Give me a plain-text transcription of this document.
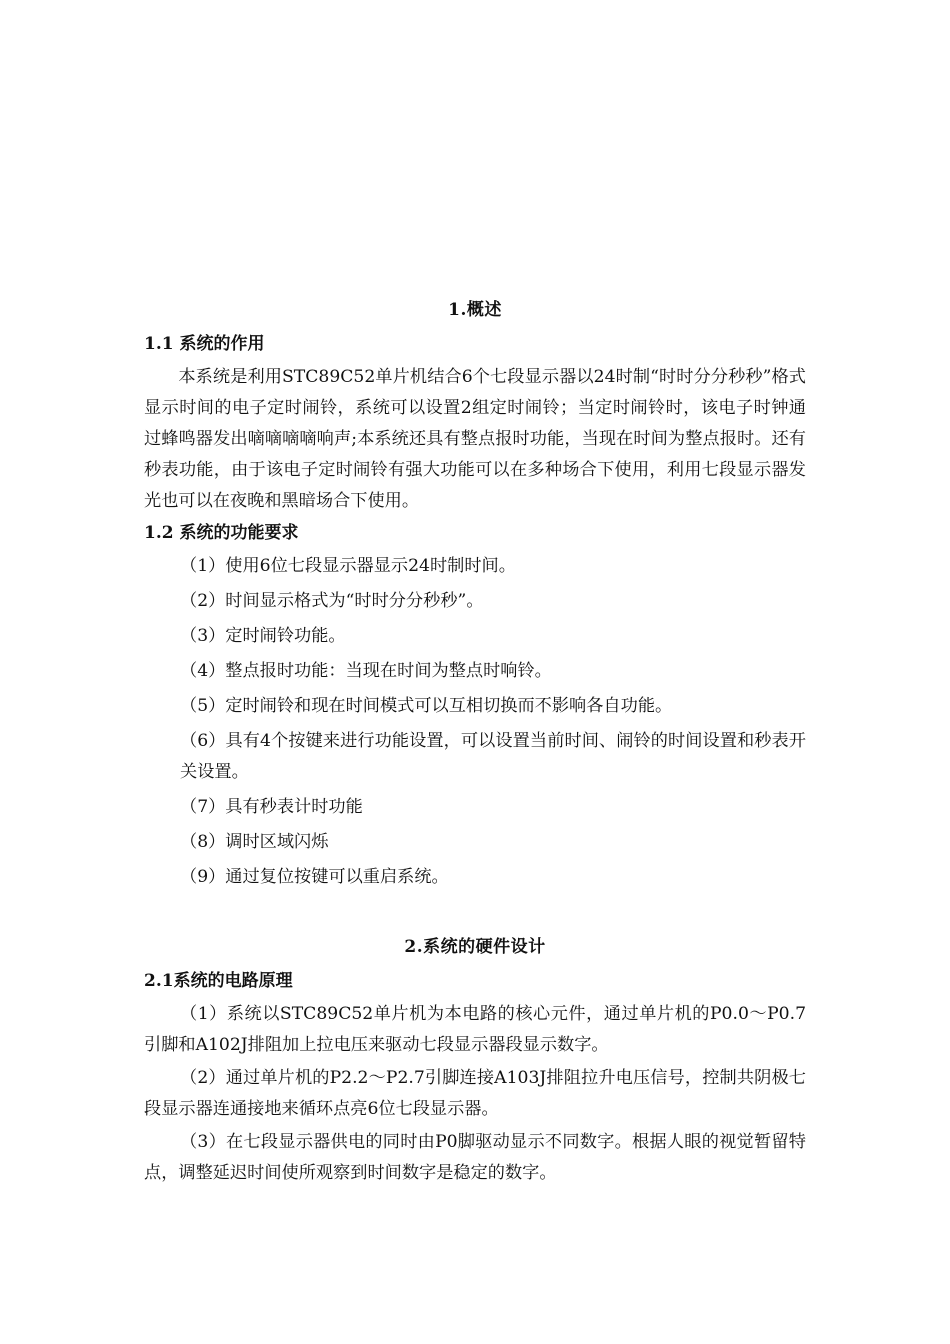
1.概述
1.1 系统的作用

本系统是利用STC89C52单片机结合6个七段显示器以24时制“时时分分秒秒”格式显示时间的电子定时闹铃，系统可以设置2组定时闹铃；当定时闹铃时，该电子时钟通过蜂鸣器发出嘀嘀嘀嘀响声;本系统还具有整点报时功能，当现在时间为整点报时。还有秒表功能，由于该电子定时闹铃有强大功能可以在多种场合下使用，利用七段显示器发光也可以在夜晚和黑暗场合下使用。

1.2 系统的功能要求
（1）使用6位七段显示器显示24时制时间。
（2）时间显示格式为“时时分分秒秒”。
（3）定时闹铃功能。
（4）整点报时功能：当现在时间为整点时响铃。
（5）定时闹铃和现在时间模式可以互相切换而不影响各自功能。
（6）具有4个按键来进行功能设置，可以设置当前时间、闹铃的时间设置和秒表开关设置。
（7）具有秒表计时功能
（8）调时区域闪烁
（9）通过复位按键可以重启系统。
2.系统的硬件设计
2.1系统的电路原理

（1）系统以STC89C52单片机为本电路的核心元件，通过单片机的P0.0～P0.7引脚和A102J排阻加上拉电压来驱动七段显示器段显示数字。

（2）通过单片机的P2.2～P2.7引脚连接A103J排阻拉升电压信号，控制共阴极七段显示器连通接地来循环点亮6位七段显示器。

（3）在七段显示器供电的同时由P0脚驱动显示不同数字。根据人眼的视觉暂留特点，调整延迟时间使所观察到时间数字是稳定的数字。
